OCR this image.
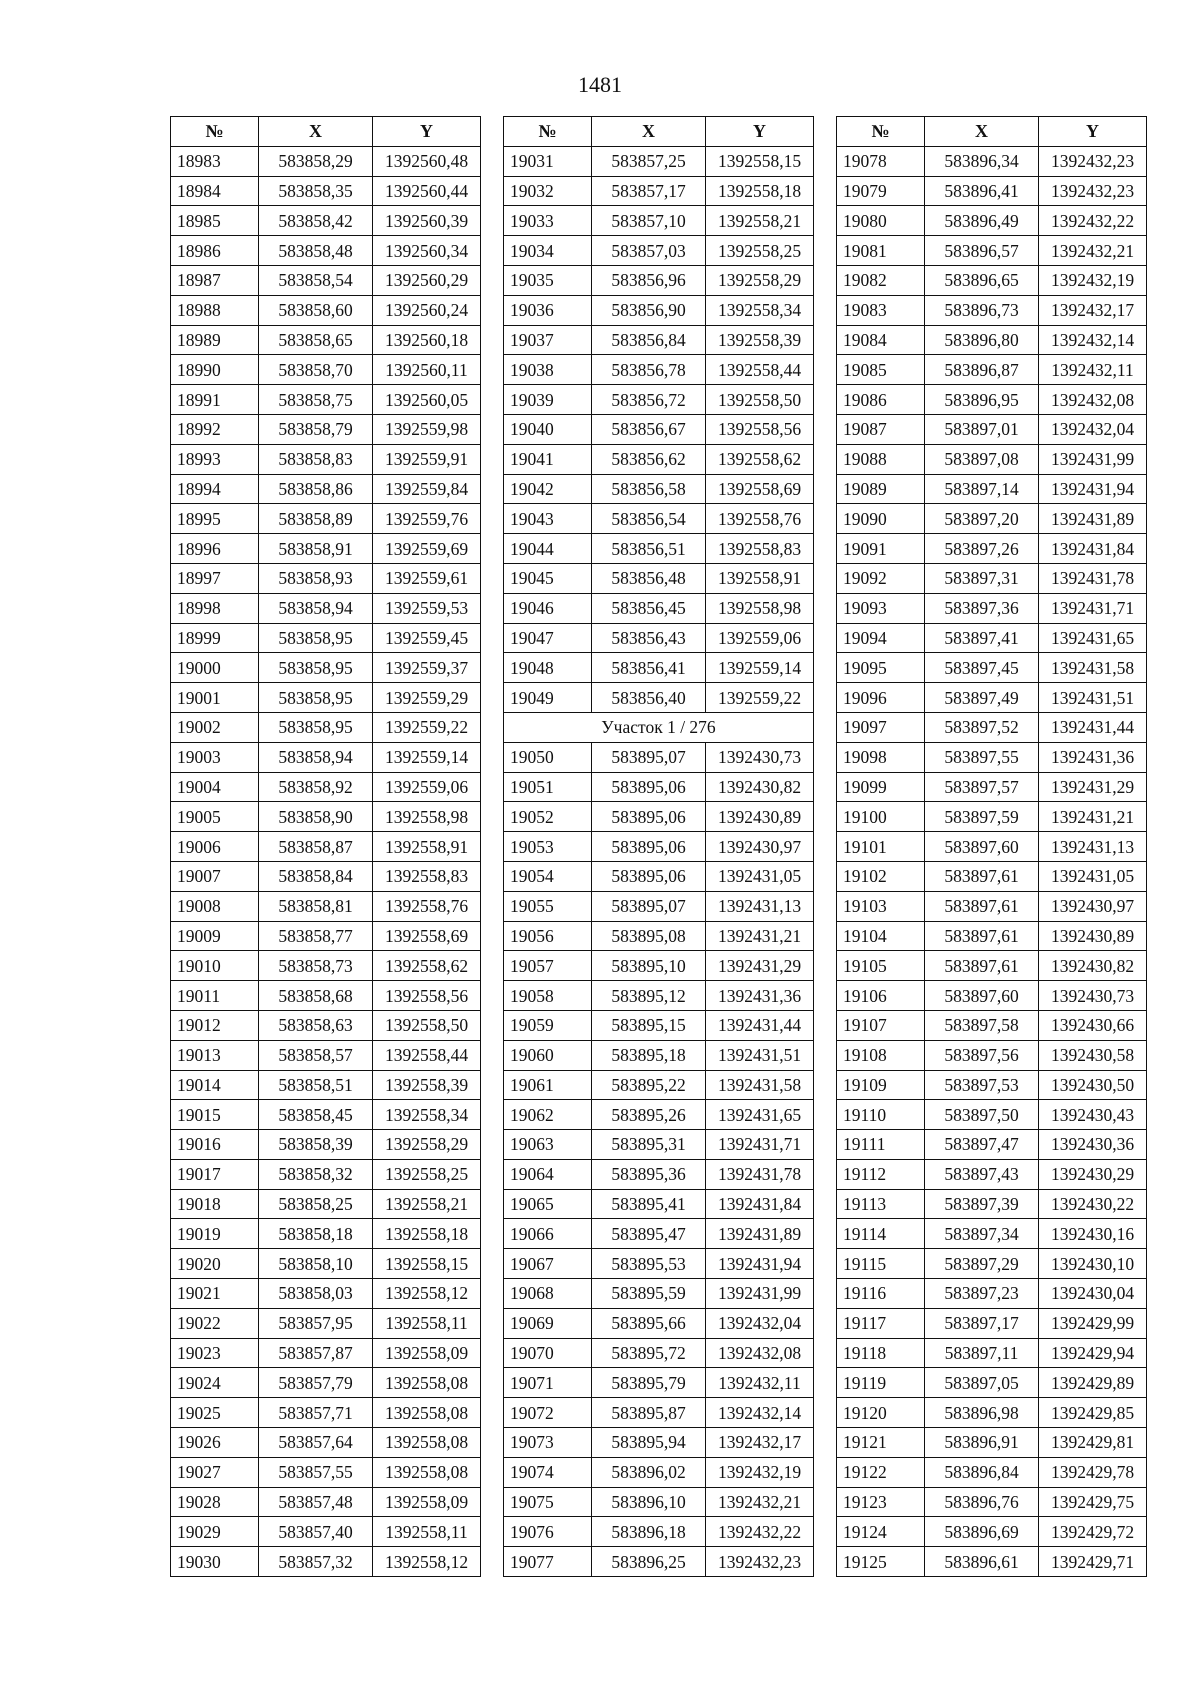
1481
№	X	Y
18983	583858,29	1392560,48
18984	583858,35	1392560,44
18985	583858,42	1392560,39
18986	583858,48	1392560,34
18987	583858,54	1392560,29
18988	583858,60	1392560,24
18989	583858,65	1392560,18
18990	583858,70	1392560,11
18991	583858,75	1392560,05
18992	583858,79	1392559,98
18993	583858,83	1392559,91
18994	583858,86	1392559,84
18995	583858,89	1392559,76
18996	583858,91	1392559,69
18997	583858,93	1392559,61
18998	583858,94	1392559,53
18999	583858,95	1392559,45
19000	583858,95	1392559,37
19001	583858,95	1392559,29
19002	583858,95	1392559,22
19003	583858,94	1392559,14
19004	583858,92	1392559,06
19005	583858,90	1392558,98
19006	583858,87	1392558,91
19007	583858,84	1392558,83
19008	583858,81	1392558,76
19009	583858,77	1392558,69
19010	583858,73	1392558,62
19011	583858,68	1392558,56
19012	583858,63	1392558,50
19013	583858,57	1392558,44
19014	583858,51	1392558,39
19015	583858,45	1392558,34
19016	583858,39	1392558,29
19017	583858,32	1392558,25
19018	583858,25	1392558,21
19019	583858,18	1392558,18
19020	583858,10	1392558,15
19021	583858,03	1392558,12
19022	583857,95	1392558,11
19023	583857,87	1392558,09
19024	583857,79	1392558,08
19025	583857,71	1392558,08
19026	583857,64	1392558,08
19027	583857,55	1392558,08
19028	583857,48	1392558,09
19029	583857,40	1392558,11
19030	583857,32	1392558,12
№	X	Y
19031	583857,25	1392558,15
19032	583857,17	1392558,18
19033	583857,10	1392558,21
19034	583857,03	1392558,25
19035	583856,96	1392558,29
19036	583856,90	1392558,34
19037	583856,84	1392558,39
19038	583856,78	1392558,44
19039	583856,72	1392558,50
19040	583856,67	1392558,56
19041	583856,62	1392558,62
19042	583856,58	1392558,69
19043	583856,54	1392558,76
19044	583856,51	1392558,83
19045	583856,48	1392558,91
19046	583856,45	1392558,98
19047	583856,43	1392559,06
19048	583856,41	1392559,14
19049	583856,40	1392559,22
Участок 1 / 276		
19050	583895,07	1392430,73
19051	583895,06	1392430,82
19052	583895,06	1392430,89
19053	583895,06	1392430,97
19054	583895,06	1392431,05
19055	583895,07	1392431,13
19056	583895,08	1392431,21
19057	583895,10	1392431,29
19058	583895,12	1392431,36
19059	583895,15	1392431,44
19060	583895,18	1392431,51
19061	583895,22	1392431,58
19062	583895,26	1392431,65
19063	583895,31	1392431,71
19064	583895,36	1392431,78
19065	583895,41	1392431,84
19066	583895,47	1392431,89
19067	583895,53	1392431,94
19068	583895,59	1392431,99
19069	583895,66	1392432,04
19070	583895,72	1392432,08
19071	583895,79	1392432,11
19072	583895,87	1392432,14
19073	583895,94	1392432,17
19074	583896,02	1392432,19
19075	583896,10	1392432,21
19076	583896,18	1392432,22
19077	583896,25	1392432,23
№	X	Y
19078	583896,34	1392432,23
19079	583896,41	1392432,23
19080	583896,49	1392432,22
19081	583896,57	1392432,21
19082	583896,65	1392432,19
19083	583896,73	1392432,17
19084	583896,80	1392432,14
19085	583896,87	1392432,11
19086	583896,95	1392432,08
19087	583897,01	1392432,04
19088	583897,08	1392431,99
19089	583897,14	1392431,94
19090	583897,20	1392431,89
19091	583897,26	1392431,84
19092	583897,31	1392431,78
19093	583897,36	1392431,71
19094	583897,41	1392431,65
19095	583897,45	1392431,58
19096	583897,49	1392431,51
19097	583897,52	1392431,44
19098	583897,55	1392431,36
19099	583897,57	1392431,29
19100	583897,59	1392431,21
19101	583897,60	1392431,13
19102	583897,61	1392431,05
19103	583897,61	1392430,97
19104	583897,61	1392430,89
19105	583897,61	1392430,82
19106	583897,60	1392430,73
19107	583897,58	1392430,66
19108	583897,56	1392430,58
19109	583897,53	1392430,50
19110	583897,50	1392430,43
19111	583897,47	1392430,36
19112	583897,43	1392430,29
19113	583897,39	1392430,22
19114	583897,34	1392430,16
19115	583897,29	1392430,10
19116	583897,23	1392430,04
19117	583897,17	1392429,99
19118	583897,11	1392429,94
19119	583897,05	1392429,89
19120	583896,98	1392429,85
19121	583896,91	1392429,81
19122	583896,84	1392429,78
19123	583896,76	1392429,75
19124	583896,69	1392429,72
19125	583896,61	1392429,71
